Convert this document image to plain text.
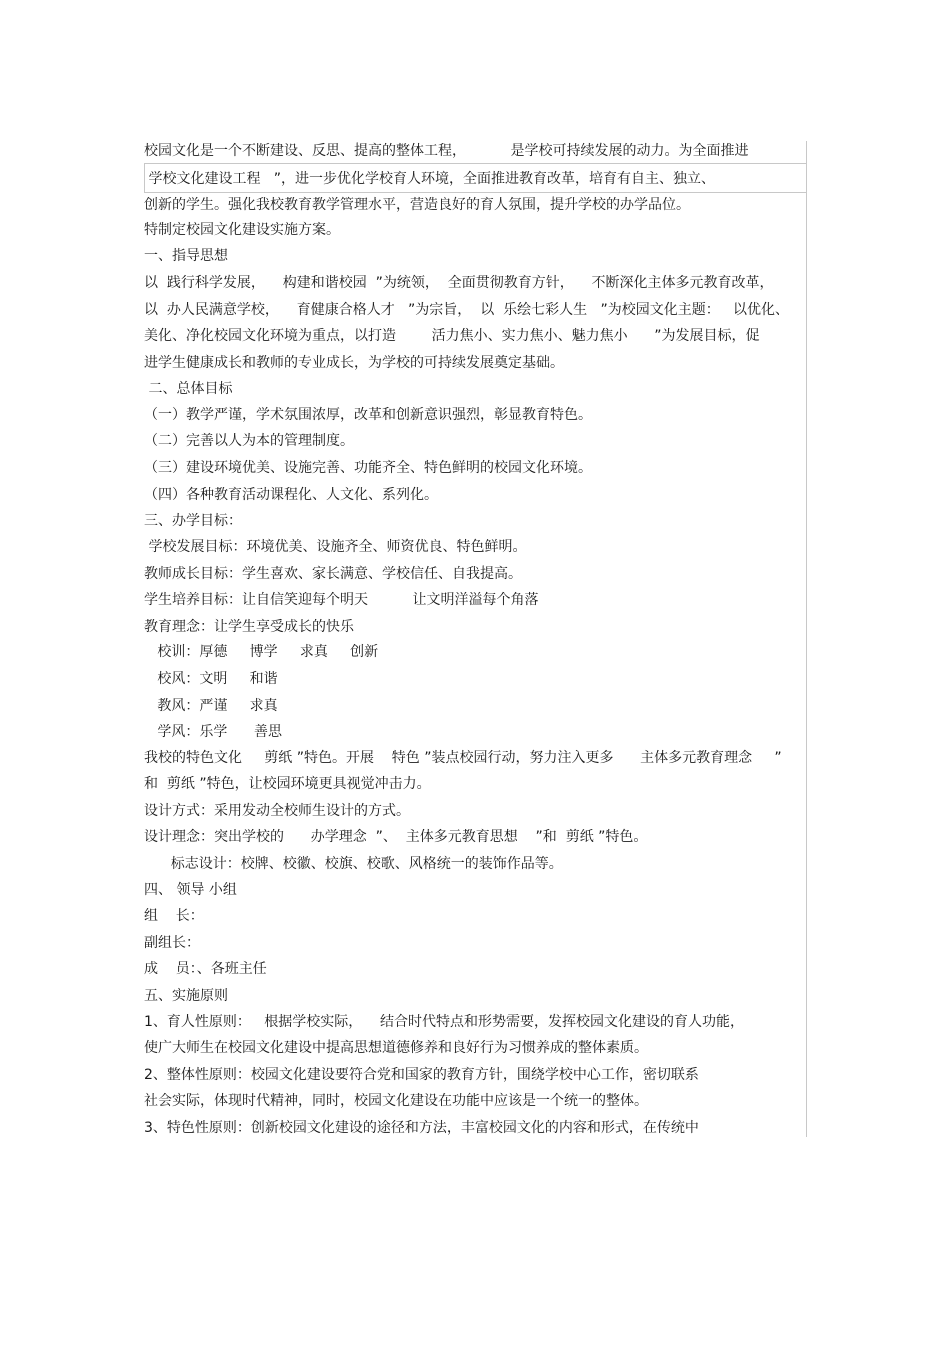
校园文化是一个不断建设、反思、提高的整体工程，          是学校可持续发展的动力。为全面推进
学校文化建设工程   ”，进一步优化学校育人环境，全面推进教育改革，培育有自主、独立、
创新的学生。强化我校教育教学管理水平，营造良好的育人氛围，提升学校的办学品位。
特制定校园文化建设实施方案。
一、指导思想
以  践行科学发展，    构建和谐校园  ”为统领，  全面贯彻教育方针，    不断深化主体多元教育改革，
以  办人民满意学校，    育健康合格人才   ”为宗旨，  以  乐绘七彩人生   ”为校园文化主题：   以优化、
美化、净化校园文化环境为重点，以打造        活力焦小、实力焦小、魅力焦小      ”为发展目标，促
进学生健康成长和教师的专业成长，为学校的可持续发展奠定基础。
二、总体目标
（一）教学严谨，学术氛围浓厚，改革和创新意识强烈，彰显教育特色。
（二）完善以人为本的管理制度。
（三）建设环境优美、设施完善、功能齐全、特色鲜明的校园文化环境。
（四）各种教育活动课程化、人文化、系列化。
三、办学目标：
学校发展目标：环境优美、设施齐全、师资优良、特色鲜明。
教师成长目标：学生喜欢、家长满意、学校信任、自我提高。
学生培养目标：让自信笑迎每个明天          让文明洋溢每个角落
教育理念：让学生享受成长的快乐
校训：厚德     博学     求真     创新
校风：文明     和谐
教风：严谨     求真
学风：乐学      善思
我校的特色文化     剪纸 ”特色。开展    特色 ”装点校园行动，努力注入更多      主体多元教育理念     ”
和  剪纸 ”特色，让校园环境更具视觉冲击力。
设计方式：采用发动全校师生设计的方式。
设计理念：突出学校的      办学理念  ”、  主体多元教育思想    ”和  剪纸 ”特色。
标志设计：校牌、校徽、校旗、校歌、风格统一的装饰作品等。
四、 领导 小组
组    长：
副组长：
成    员：、各班主任
五、实施原则
1、育人性原则：   根据学校实际，    结合时代特点和形势需要，发挥校园文化建设的育人功能，
使广大师生在校园文化建设中提高思想道德修养和良好行为习惯养成的整体素质。
2、整体性原则：校园文化建设要符合党和国家的教育方针，围绕学校中心工作，密切联系
社会实际，体现时代精神，同时，校园文化建设在功能中应该是一个统一的整体。
3、特色性原则：创新校园文化建设的途径和方法，丰富校园文化的内容和形式，在传统中
